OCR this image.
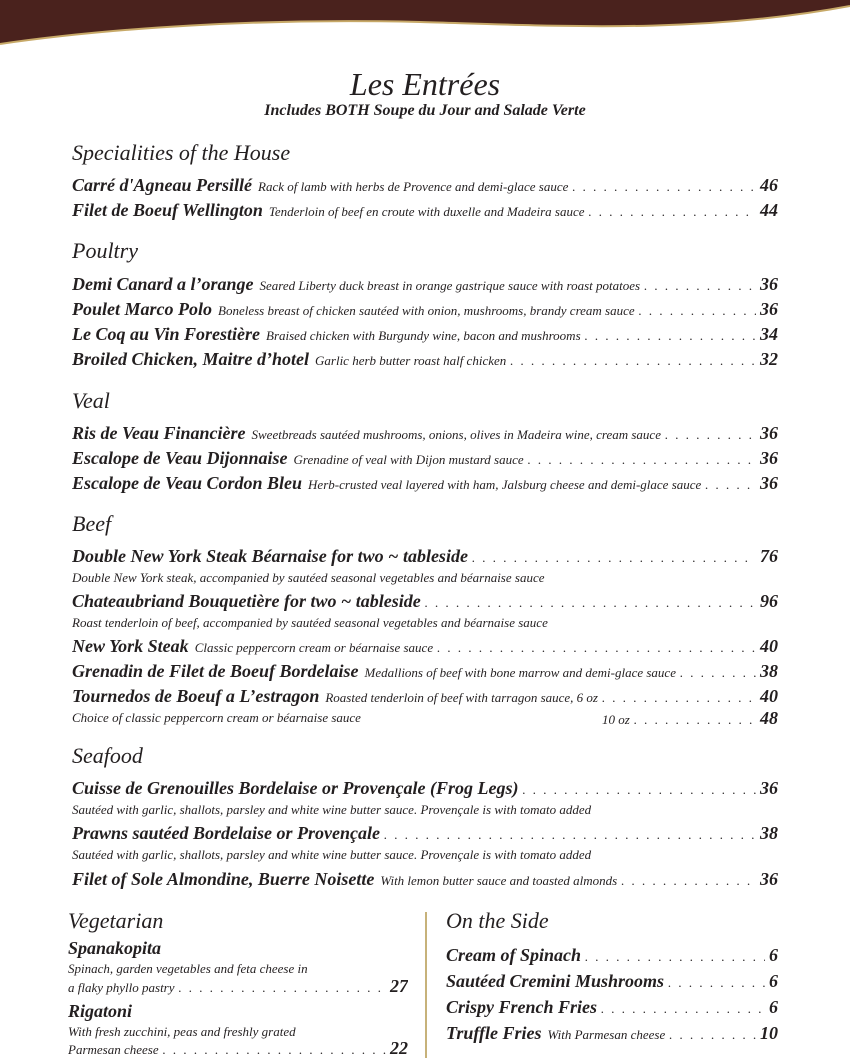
Les Entrées
Includes BOTH Soupe du Jour and Salade Verte
Specialities of the House
Carré d'Agneau Persillé Rack of lamb with herbs de Provence and demi-glace sauce . . .	46
Filet de Boeuf Wellington Tenderloin of beef en croute with duxelle and Madeira sauce . . .	44
Poultry
Demi Canard a l’orange Seared Liberty duck breast in orange gastrique sauce with roast potatoes . . .	36
Poulet Marco Polo Boneless breast of chicken sautéed with onion, mushrooms, brandy cream sauce . . .	36
Le Coq au Vin Forestière Braised chicken with Burgundy wine, bacon and mushrooms . . .	34
Broiled Chicken, Maitre d’hotel Garlic herb butter roast half chicken . . .	32
Veal
Ris de Veau Financière Sweetbreads sautéed mushrooms, onions, olives in Madeira wine, cream sauce . . .	36
Escalope de Veau Dijonnaise Grenadine of veal with Dijon mustard sauce . . .	36
Escalope de Veau Cordon Bleu Herb-crusted veal layered with ham, Jalsburg cheese and demi-glace sauce . . .	36
Beef
Double New York Steak Béarnaise for two ~ tableside . . .	76
Double New York steak, accompanied by sautéed seasonal vegetables and béarnaise sauce
Chateaubriand Bouquetière for two ~ tableside . . .	96
Roast tenderloin of beef, accompanied by sautéed seasonal vegetables and béarnaise sauce
New York Steak Classic peppercorn cream or béarnaise sauce . . .	40
Grenadin de Filet de Boeuf Bordelaise Medallions of beef with bone marrow and demi-glace sauce . . .	38
Tournedos de Boeuf a L’estragon Roasted tenderloin of beef with tarragon sauce, 6 oz . . .	40
Choice of classic peppercorn cream or béarnaise sauce	10 oz . . .	48
Seafood
Cuisse de Grenouilles Bordelaise or Provençale (Frog Legs) . . .	36
Sautéed with garlic, shallots, parsley and white wine butter sauce. Provençale is with tomato added
Prawns sautéed Bordelaise or Provençale . . .	38
Sautéed with garlic, shallots, parsley and white wine butter sauce. Provençale is with tomato added
Filet of Sole Almondine, Buerre Noisette With lemon butter sauce and toasted almonds . . .	36
Vegetarian
Spanakopita
Spinach, garden vegetables and feta cheese in
a flaky phyllo pastry . . .	27
Rigatoni
With fresh zucchini, peas and freshly grated
Parmesan cheese . . .	22
On the Side
Cream of Spinach . . .	6
Sautéed Cremini Mushrooms . . .	6
Crispy French Fries . . .	6
Truffle Fries With Parmesan cheese . . .	10
